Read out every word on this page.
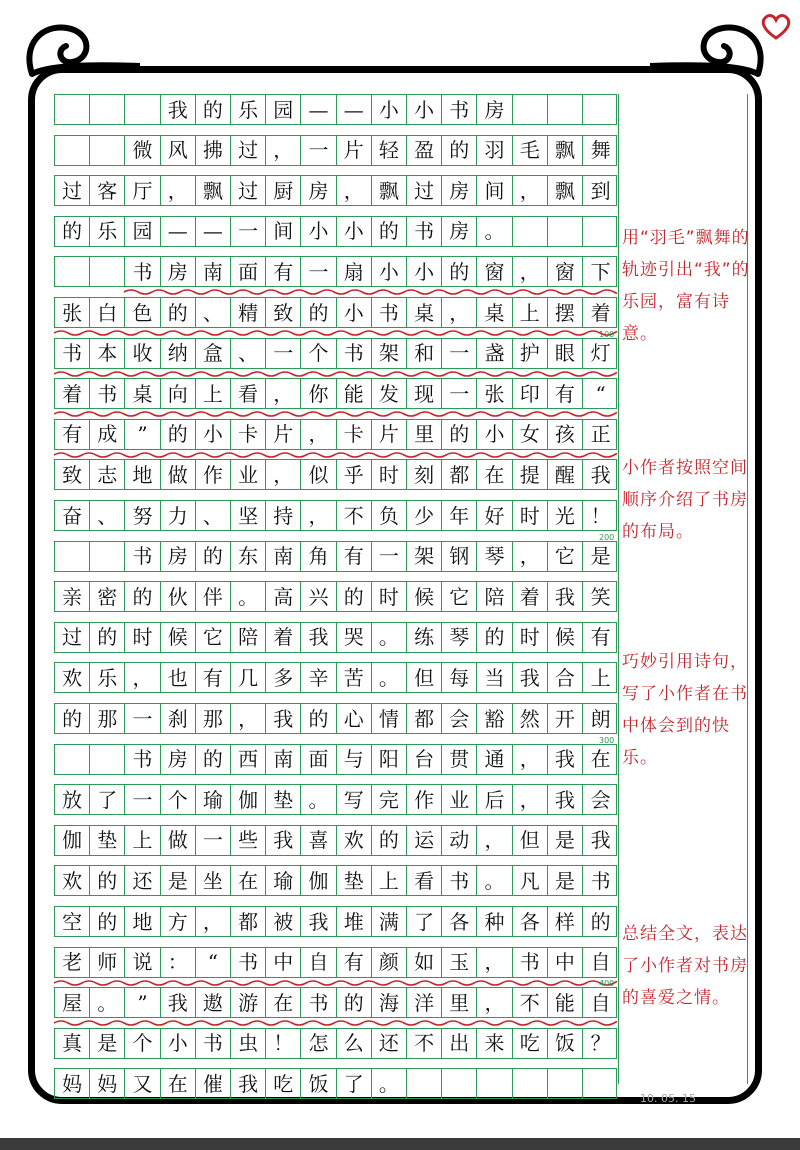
我 的 乐 园 — — 小 小 书 房
微 风 拂 过 ， 一 片 轻 盈 的 羽 毛 飘 舞
过 客 厅 ， 飘 过 厨 房 ， 飘 过 房 间 ， 飘 到
的 乐 园 — — 一 间 小 小 的 书 房 。
书 房 南 面 有 一 扇 小 小 的 窗 ， 窗 下
张 白 色 的 、 精 致 的 小 书 桌 ， 桌 上 摆 着
书 本 收 纳 盒 、 一 个 书 架 和 一 盏 护 眼 灯
100
着 书 桌 向 上 看 ， 你 能 发 现 一 张 印 有	“
有 成	”	的 小 卡 片 ， 卡 片 里 的 小 女 孩 正
致 志 地 做 作 业 ， 似 乎 时 刻 都 在 提 醒 我
奋 、 努 力 、 坚 持 ， 不 负 少 年 好 时 光 ！
书 房 的 东 南 角 有 一 架 钢 琴 ， 它 是
200
亲 密 的 伙 伴 。 高 兴 的 时 候 它 陪 着 我 笑
过 的 时 候 它 陪 着 我 哭 。 练 琴 的 时 候 有
欢 乐 ， 也 有 几 多 辛 苦 。 但 每 当 我 合 上
的 那 一 刹 那 ， 我 的 心 情 都 会 豁 然 开 朗
书 房 的 西 南 面 与 阳 台 贯 通 ， 我 在
300
放 了 一 个 瑜 伽 垫 。 写 完 作 业 后 ， 我 会
伽 垫 上 做 一 些 我 喜 欢 的 运 动 ， 但 是 我
欢 的 还 是 坐 在 瑜 伽 垫 上 看 书 。 凡 是 书
空 的 地 方 ， 都 被 我 堆 满 了 各 种 各 样 的
老 师 说 ：	“	书 中 自 有 颜 如 玉 ， 书 中 自
屋 。	”	我 遨 游 在 书 的 海 洋 里 ， 不 能 自
400
真 是 个 小 书 虫 ！ 怎 么 还 不 出 来 吃 饭 ？
妈 妈 又 在 催 我 吃 饭 了 。
用“羽毛”飘舞的轨迹引出“我”的乐园，富有诗意。
小作者按照空间顺序介绍了书房的布局。
巧妙引用诗句，写了小作者在书中体会到的快乐。
总结全文，表达了小作者对书房的喜爱之情。
10. 05. 15
